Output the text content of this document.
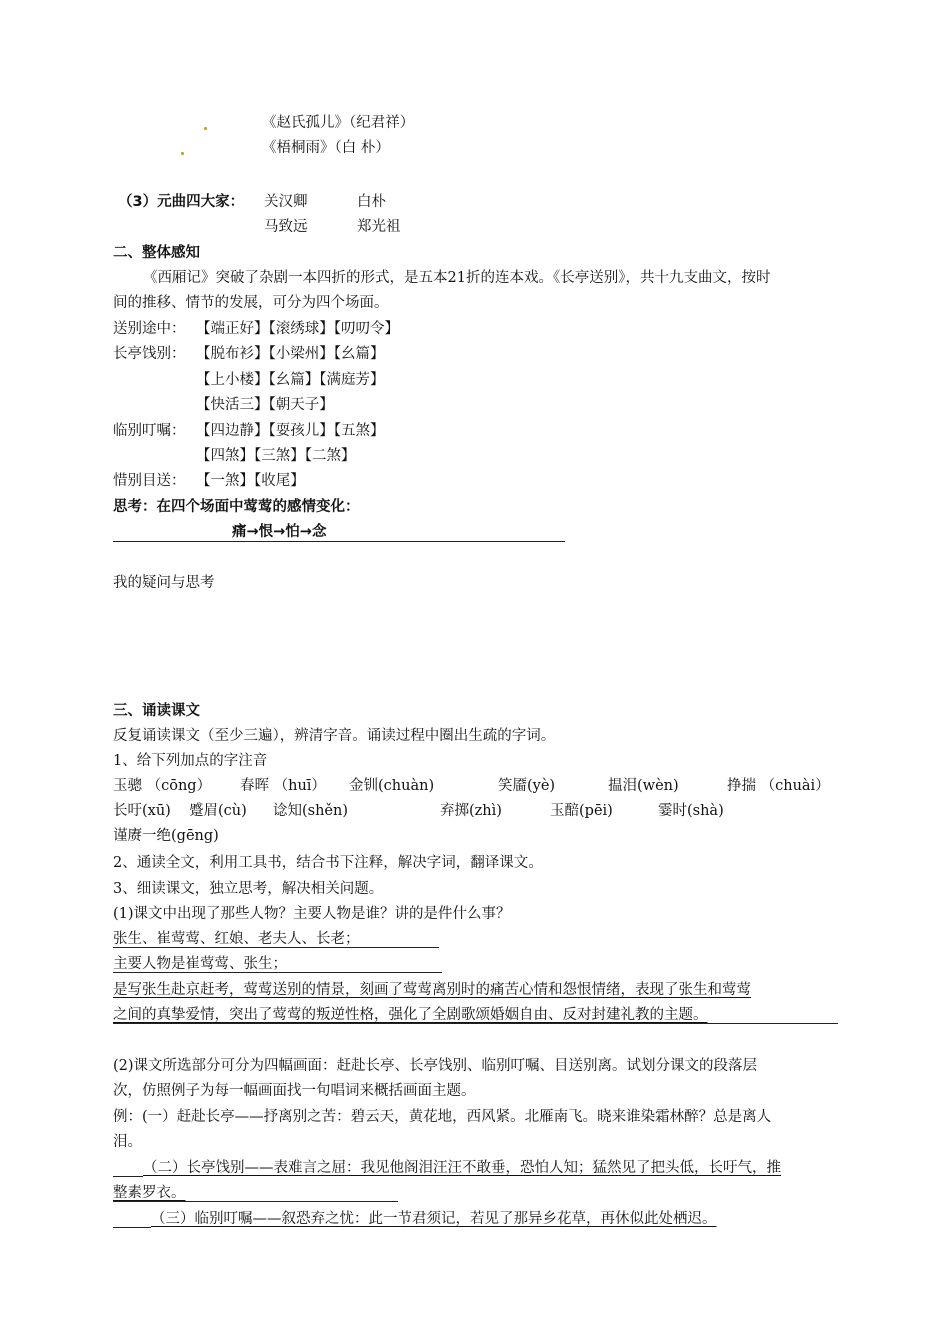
《赵氏孤儿》（纪君祥）
《梧桐雨》（白 朴）
（3）元曲四大家： 关汉卿	白朴
马致远	郑光祖
二、整体感知
《西厢记》突破了杂剧一本四折的形式，是五本21折的连本戏。《长亭送别》，共十九支曲文，按时
间的推移、情节的发展，可分为四个场面。
送别途中： 【端正好】【滚绣球】【叨叨令】
长亭饯别： 【脱布衫】【小梁州】【幺篇】
【上小楼】【幺篇】【满庭芳】
【快活三】【朝天子】
临别叮嘱： 【四边静】【耍孩儿】【五煞】
【四煞】【三煞】【二煞】
惜别目送： 【一煞】【收尾】
思考：在四个场面中莺莺的感情变化：
痛→恨→怕→念
我的疑问与思考
三、诵读课文
反复诵读课文（至少三遍），辨清字音。诵读过程中圈出生疏的字词。
1、给下列加点的字注音
玉骢 （cōng） 春晖 （huī） 金钏(chuàn)	笑靥(yè)	揾泪(wèn)	挣揣 （chuài）
长吁(xū) 蹙眉(cù) 谂知(shěn)	弃掷(zhì)	玉醅(pēi)	霎时(shà)
谨赓一绝(gēng)
2、通读全文，利用工具书，结合书下注释，解决字词，翻译课文。
3、细读课文，独立思考，解决相关问题。
(1)课文中出现了那些人物？主要人物是谁？讲的是件什么事？
张生、崔莺莺、红娘、老夫人、长老；
主要人物是崔莺莺、张生；
是写张生赴京赶考，莺莺送别的情景，刻画了莺莺离别时的痛苦心情和怨恨情绪，表现了张生和莺莺
之间的真挚爱情，突出了莺莺的叛逆性格，强化了全剧歌颂婚姻自由、反对封建礼教的主题。
(2)课文所选部分可分为四幅画面：赶赴长亭、长亭饯别、临别叮嘱、目送别离。试划分课文的段落层
次，仿照例子为每一幅画面找一句唱词来概括画面主题。
例：(一）赶赴长亭——抒离别之苦：碧云天，黄花地，西风紧。北雁南飞。晓来谁染霜林醉？总是离人
泪。
（二）长亭饯别——表难言之屈：我见他阁泪汪汪不敢垂，恐怕人知；猛然见了把头低，长吁气，推
整素罗衣。
（三）临别叮嘱——叙恐弃之忧：此一节君须记，若见了那异乡花草，再休似此处栖迟。
